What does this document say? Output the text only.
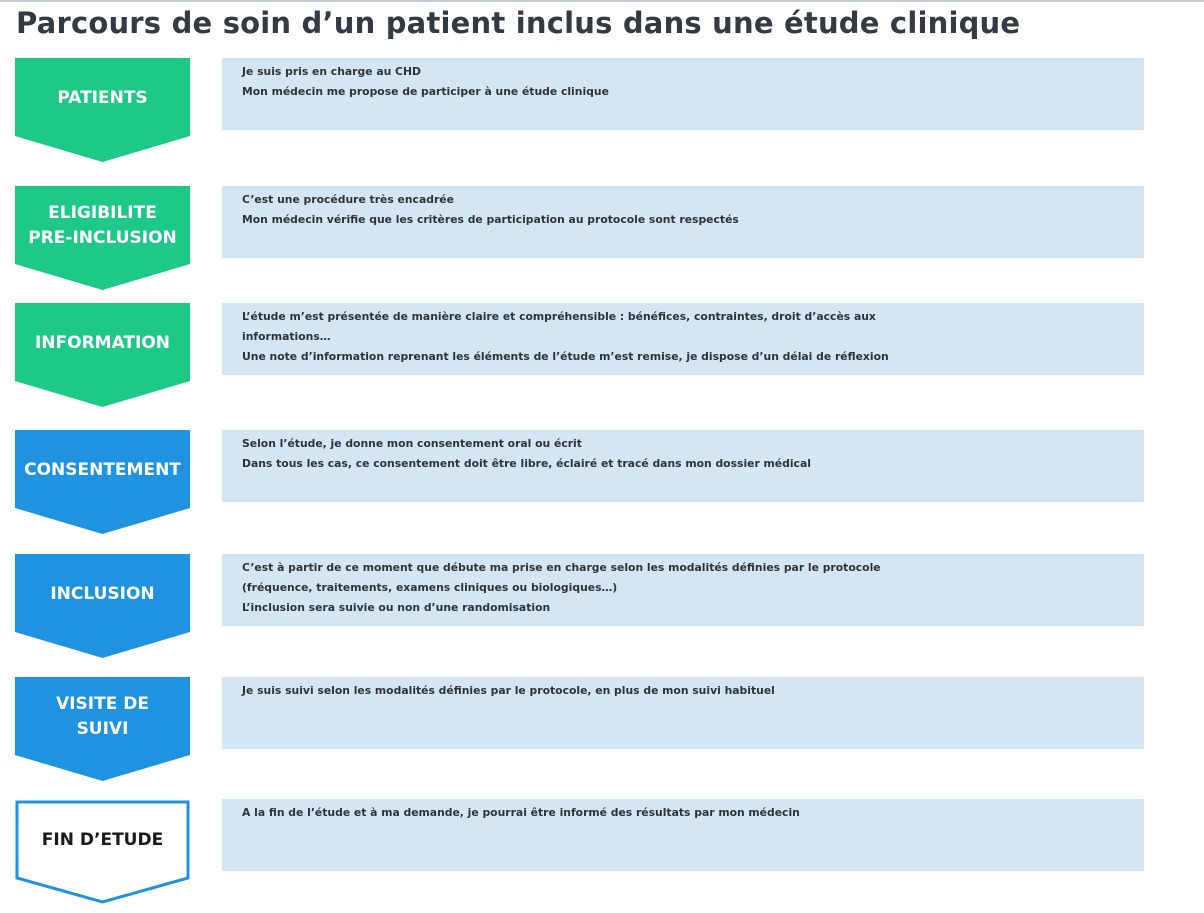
Parcours de soin d’un patient inclus dans une étude clinique
PATIENTS
Je suis pris en charge au CHD
Mon médecin me propose de participer à une étude clinique
ELIGIBILITE
PRE-INCLUSION
C’est une procédure très encadrée
Mon médecin vérifie que les critères de participation au protocole sont respectés
INFORMATION
L’étude m’est présentée de manière claire et compréhensible : bénéfices, contraintes, droit d’accès aux
informations…
Une note d’information reprenant les éléments de l’étude m’est remise, je dispose d’un délai de réflexion
CONSENTEMENT
Selon l’étude, je donne mon consentement oral ou écrit
Dans tous les cas, ce consentement doit être libre, éclairé et tracé dans mon dossier médical
INCLUSION
C’est à partir de ce moment que débute ma prise en charge selon les modalités définies par le protocole
(fréquence, traitements, examens cliniques ou biologiques…)
L’inclusion sera suivie ou non d’une randomisation
VISITE DE
SUIVI
Je suis suivi selon les modalités définies par le protocole, en plus de mon suivi habituel
FIN D’ETUDE
A la fin de l’étude et à ma demande, je pourrai être informé des résultats par mon médecin
